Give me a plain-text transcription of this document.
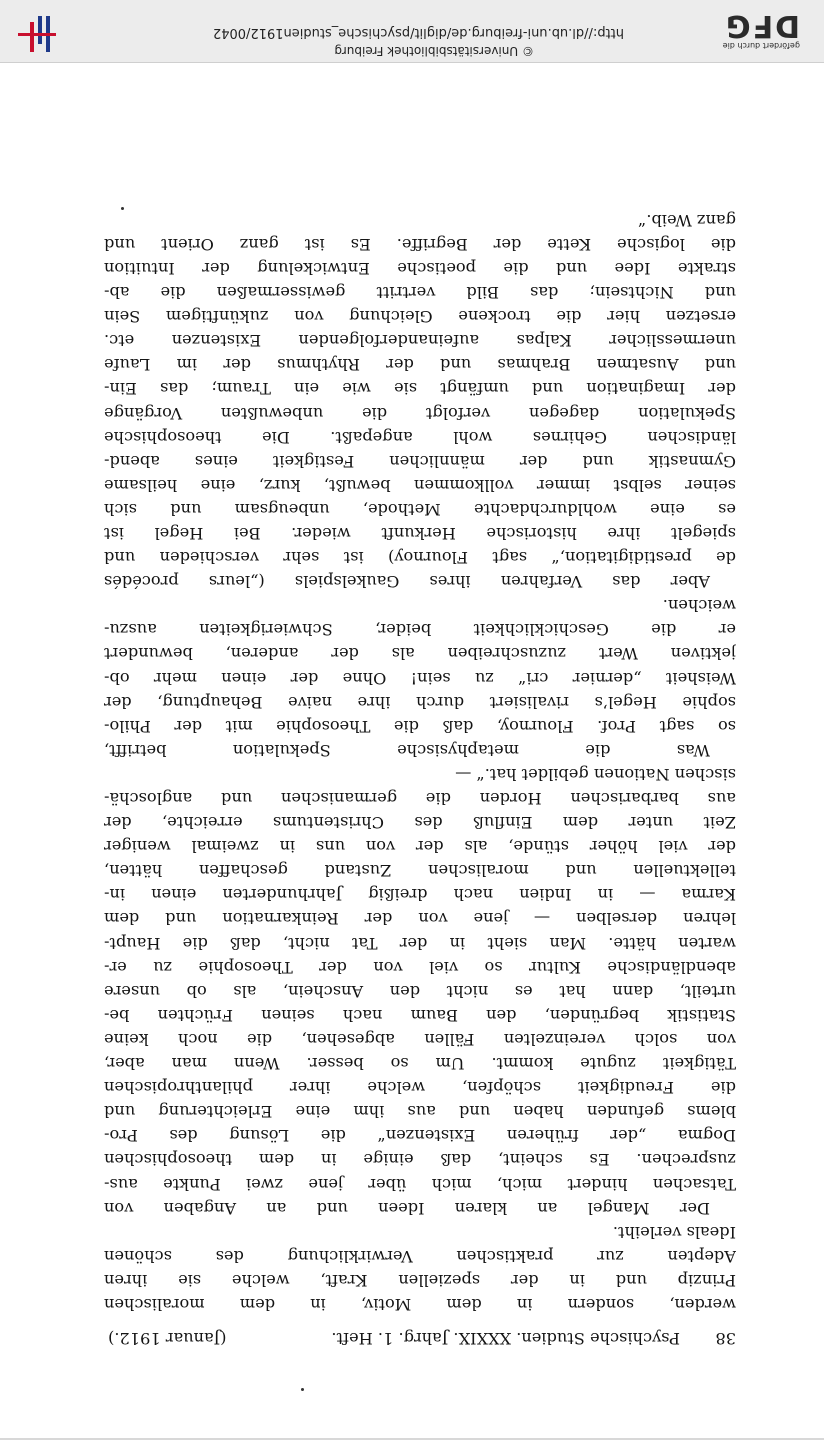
38
Psychische Studien. XXXIX. Jahrg. 1. Heft.
(Januar 1912.)
werden, sondern in dem Motiv, in dem moralischen
Prinzip und in der speziellen Kraft, welche sie ihren
Adepten zur praktischen Verwirklichung des schönen
Ideals verleiht.
Der Mangel an klaren Ideen und an Angaben von
Tatsachen hindert mich, mich über jene zwei Punkte aus-
zusprechen. Es scheint, daß einige in dem theosophischen
Dogma „der früheren Existenzen“ die Lösung des Pro-
blems gefunden haben und aus ihm eine Erleichterung und
die Freudigkeit schöpfen, welche ihrer philanthropischen
Tätigkeit zugute kommt. Um so besser. Wenn man aber,
von solch vereinzelten Fällen abgesehen, die noch keine
Statistik begründen, den Baum nach seinen Früchten be-
urteilt, dann hat es nicht den Anschein, als ob unsere
abendländische Kultur so viel von der Theosophie zu er-
warten hätte. Man sieht in der Tat nicht, daß die Haupt-
lehren derselben — jene von der Reinkarnation und dem
Karma — in Indien nach dreißig Jahrhunderten einen in-
tellektuellen und moralischen Zustand geschaffen hätten,
der viel höher stünde, als der von uns in zweimal weniger
Zeit unter dem Einfluß des Christentums erreichte, der
aus barbarischen Horden die germanischen und angloschä-
sischen Nationen gebildet hat.“ —
Was die metaphysische Spekulation betrifft,
so sagt Prof. Flournoy, daß die Theosophie mit der Philo-
sophie Hegel’s rivalisiert durch ihre naive Behauptung, der
Weisheit „dernier cri“ zu sein! Ohne der einen mehr ob-
jektiven Wert zuzuschreiben als der anderen, bewundert
er die Geschicklichkeit beider, Schwierigkeiten auszu-
weichen.
Aber das Verfahren ihres Gaukelspiels („leurs procédés
de prestidigitation,“ sagt Flournoy) ist sehr verschieden und
spiegelt ihre historische Herkunft wieder. Bei Hegel ist
es eine wohldurchdachte Methode, unbeugsam und sich
seiner selbst immer vollkommen bewußt, kurz, eine heilsame
Gymnastik und der männlichen Festigkeit eines abend-
ländischen Gehirnes wohl angepaßt. Die theosophische
Spekulation dagegen verfolgt die unbewußten Vorgänge
der Imagination und umfängt sie wie ein Traum; das Ein-
und Ausatmen Brahmas und der Rhythmus der im Laufe
unermesslicher Kalpas aufeinanderfolgenden Existenzen etc.
ersetzen hier die trockene Gleichung von zukünftigem Sein
und Nichtsein; das Bild vertritt gewissermaßen die ab-
strakte Idee und die poetische Entwickelung der Intuition
die logische Kette der Begriffe. Es ist ganz Orient und
ganz Weib.“
http://dl.ub.uni-freiburg.de/diglit/psychische_studien1912/0042
© Universitätsbibliothek Freiburg	gefördert durch die
DFG
